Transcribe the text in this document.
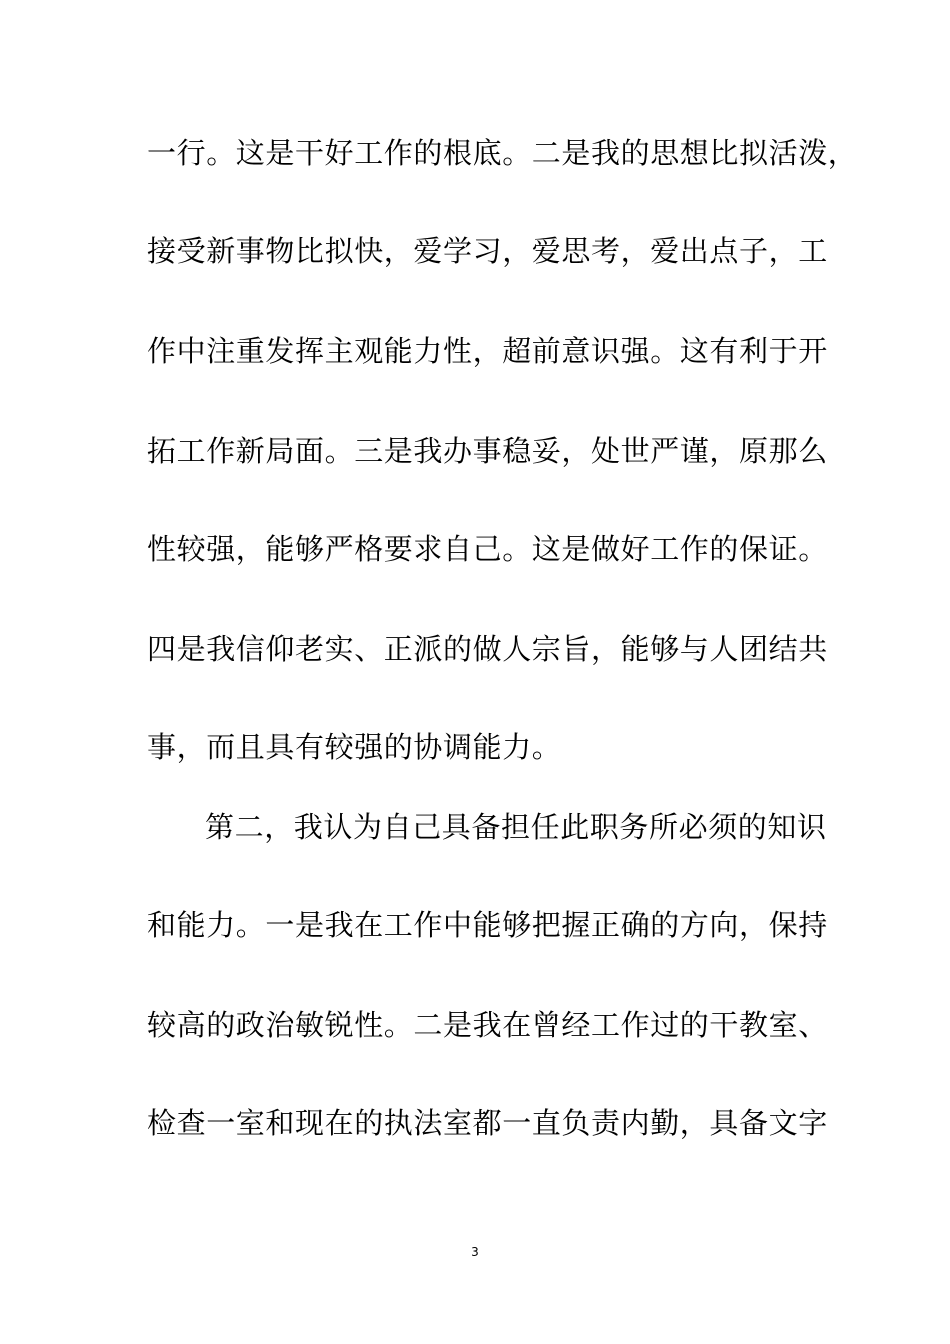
一行。这是干好工作的根底。二是我的思想比拟活泼，
接受新事物比拟快，爱学习，爱思考，爱出点子，工
作中注重发挥主观能力性，超前意识强。这有利于开
拓工作新局面。三是我办事稳妥，处世严谨，原那么
性较强，能够严格要求自己。这是做好工作的保证。
四是我信仰老实、正派的做人宗旨，能够与人团结共
事，而且具有较强的协调能力。
第二，我认为自己具备担任此职务所必须的知识
和能力。一是我在工作中能够把握正确的方向，保持
较高的政治敏锐性。二是我在曾经工作过的干教室、
检查一室和现在的执法室都一直负责内勤，具备文字
3
